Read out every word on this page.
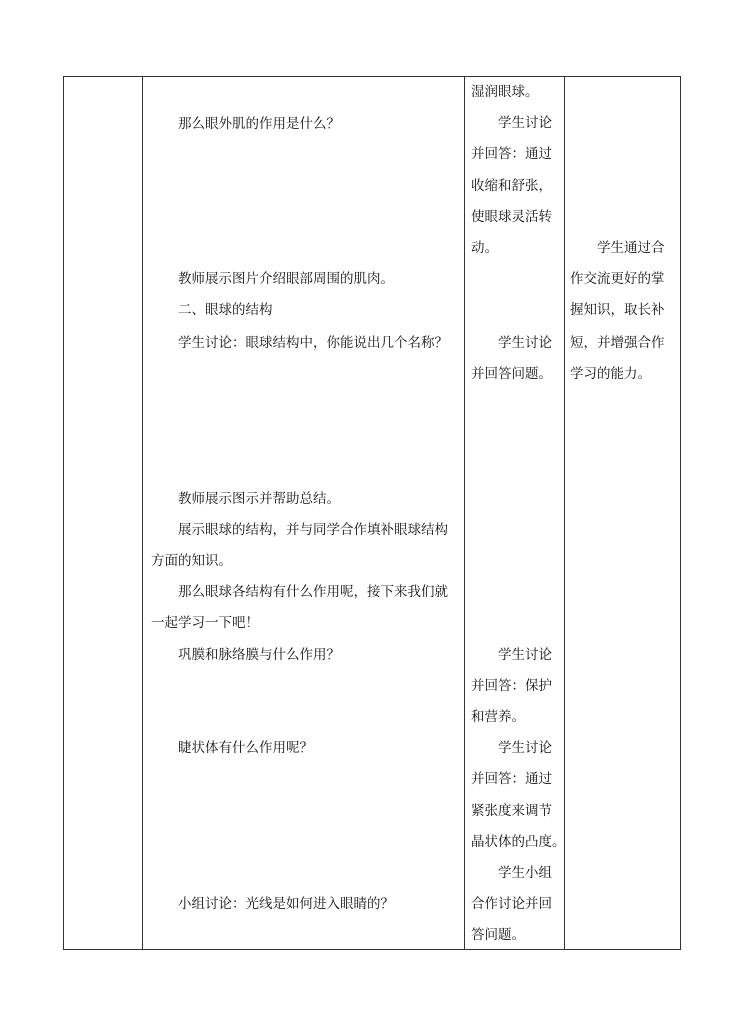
那么眼外肌的作用是什么？
教师展示图片介绍眼部周围的肌肉。
二、眼球的结构
学生讨论：眼球结构中，你能说出几个名称？
教师展示图示并帮助总结。
展示眼球的结构，并与同学合作填补眼球结构
方面的知识。
那么眼球各结构有什么作用呢，接下来我们就
一起学习一下吧！
巩膜和脉络膜与什么作用？
睫状体有什么作用呢？
小组讨论：光线是如何进入眼睛的？
湿润眼球。
学生讨论
并回答：通过
收缩和舒张，
使眼球灵活转
动。
学生讨论
并回答问题。
学生讨论
并回答：保护
和营养。
学生讨论
并回答：通过
紧张度来调节
晶状体的凸度。
学生小组
合作讨论并回
答问题。
学生通过合
作交流更好的掌
握知识，取长补
短，并增强合作
学习的能力。
